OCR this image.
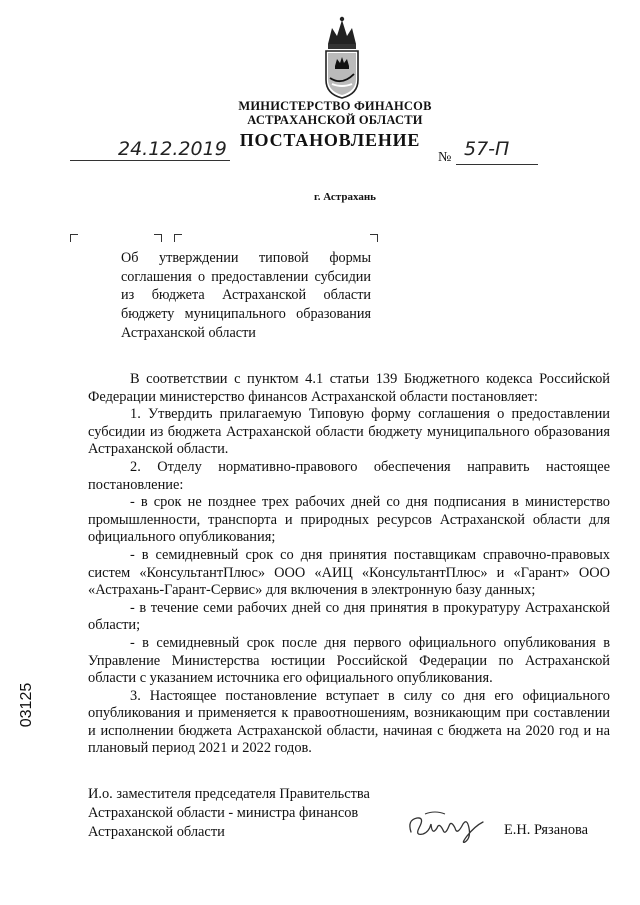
МИНИСТЕРСТВО ФИНАНСОВ
АСТРАХАНСКОЙ ОБЛАСТИ
24.12.2019 ПОСТАНОВЛЕНИЕ
№ 57-П
г. Астрахань
Об утверждении типовой формы соглашения о предоставлении субсидии из бюджета Астраханской области бюджету муниципального образования Астраханской области

В соответствии с пунктом 4.1 статьи 139 Бюджетного кодекса Российской Федерации министерство финансов Астраханской области постановляет:

1. Утвердить прилагаемую Типовую форму соглашения о предоставлении субсидии из бюджета Астраханской области бюджету муниципального образования Астраханской области.

2. Отделу нормативно-правового обеспечения направить настоящее постановление:

- в срок не позднее трех рабочих дней со дня подписания в министерство промышленности, транспорта и природных ресурсов Астраханской области для официального опубликования;

- в семидневный срок со дня принятия поставщикам справочно-правовых систем «КонсультантПлюс» ООО «АИЦ «КонсультантПлюс» и «Гарант» ООО «Астрахань-Гарант-Сервис» для включения в электронную базу данных;

- в течение семи рабочих дней со дня принятия в прокуратуру Астраханской области;

- в семидневный срок после дня первого официального опубликования в Управление Министерства юстиции Российской Федерации по Астраханской области с указанием источника его официального опубликования.

3. Настоящее постановление вступает в силу со дня его официального опубликования и применяется к правоотношениям, возникающим при составлении и исполнении бюджета Астраханской области, начиная с бюджета на 2020 год и на плановый период 2021 и 2022 годов.

И.о. заместителя председателя Правительства
Астраханской области - министра финансов
Астраханской области	Е.Н. Рязанова
03125
